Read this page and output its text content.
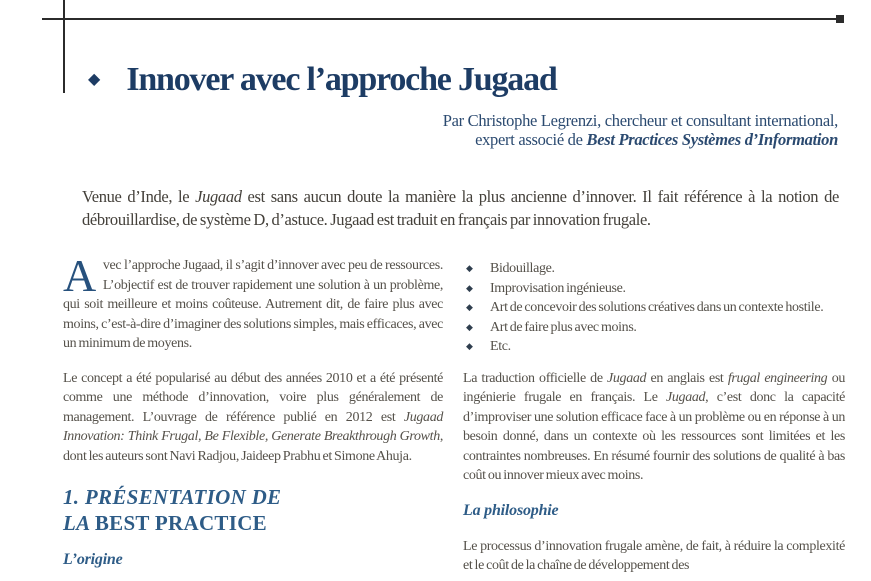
◆ Innover avec l’approche Jugaad
Par Christophe Legrenzi, chercheur et consultant international,
expert associé de Best Practices Systèmes d’Information

Venue d’Inde, le Jugaad est sans aucun doute la manière la plus ancienne d’innover. Il fait référence à la notion de débrouillardise, de système D, d’astuce. Jugaad est traduit en français par innovation frugale.

Avec l’approche Jugaad, il s’agit d’innover avec peu de ressources. L’objectif est de trouver rapidement une solution à un problème, qui soit meilleure et moins coûteuse. Autrement dit, de faire plus avec moins, c’est-à-dire d’imaginer des solutions simples, mais efficaces, avec un minimum de moyens.

Le concept a été popularisé au début des années 2010 et a été présenté comme une méthode d’innovation, voire plus généralement de management. L’ouvrage de référence publié en 2012 est Jugaad Innovation: Think Frugal, Be Flexible, Generate Breakthrough Growth, dont les auteurs sont Navi Radjou, Jaideep Prabhu et Simone Ahuja.

1. PRÉSENTATION DE
LA BEST PRACTICE
L’origine
◆	Bidouillage.
◆	Improvisation ingénieuse.
◆	Art de concevoir des solutions créatives dans un contexte hostile.
◆	Art de faire plus avec moins.
◆	Etc.

La traduction officielle de Jugaad en anglais est frugal engineering ou ingénierie frugale en français. Le Jugaad, c’est donc la capacité d’improviser une solution efficace face à un problème ou en réponse à un besoin donné, dans un contexte où les ressources sont limitées et les contraintes nombreuses. En résumé fournir des solutions de qualité à bas coût ou innover mieux avec moins.

La philosophie

Le processus d’innovation frugale amène, de fait, à réduire la complexité et le coût de la chaîne de développement des
